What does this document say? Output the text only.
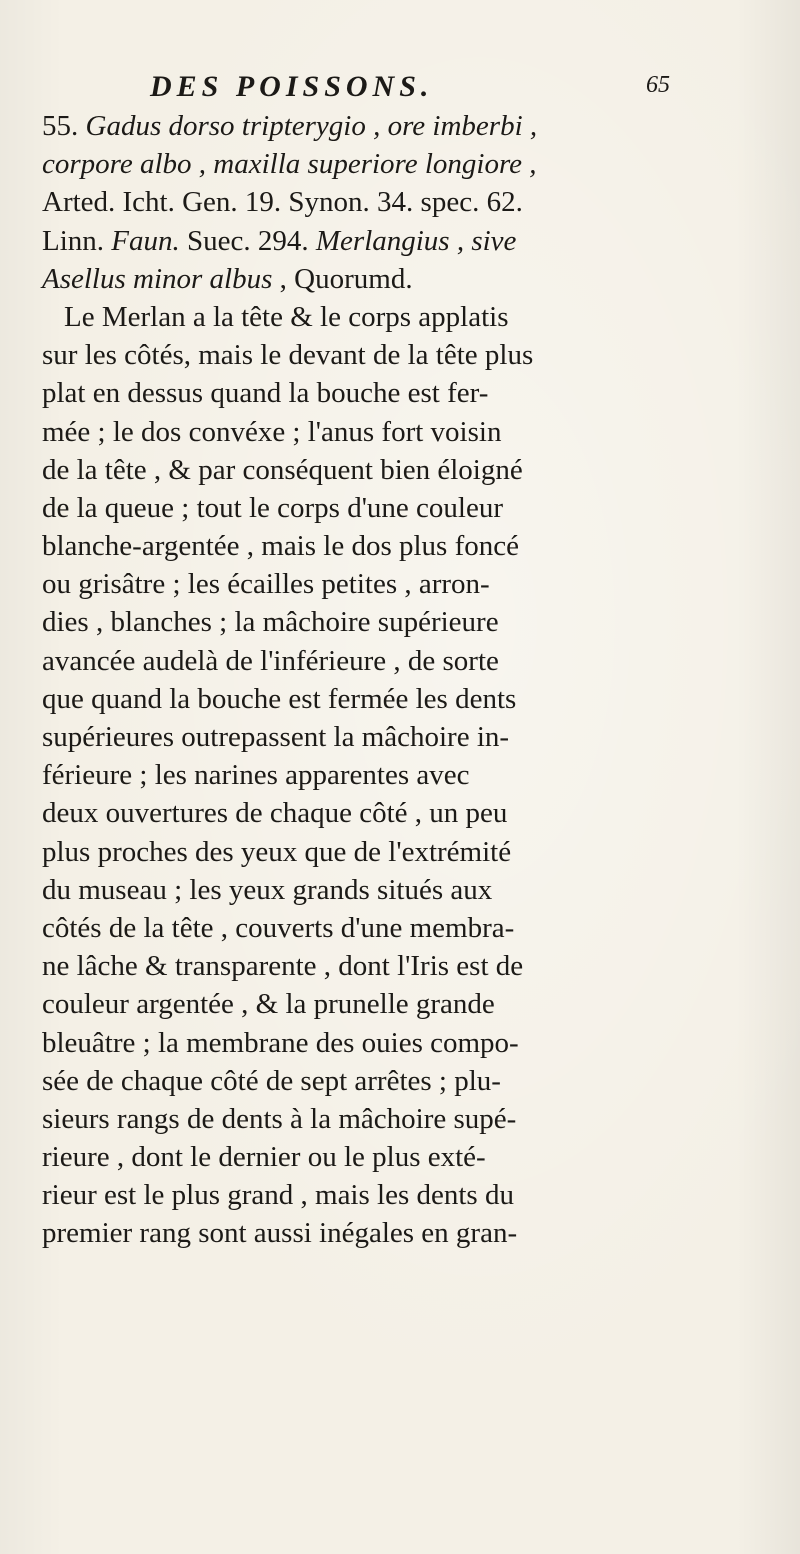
DES POISSONS.	65
55. Gadus dorso tripterygio , ore imberbi ,
corpore albo , maxilla superiore longiore ,
Arted. Icht. Gen. 19. Synon. 34. spec. 62.
Linn. Faun. Suec. 294. Merlangius , sive
Asellus minor albus , Quorumd.
Le Merlan a la tête & le corps applatis
sur les côtés, mais le devant de la tête plus
plat en dessus quand la bouche est fer-
mée ; le dos convéxe ; l'anus fort voisin
de la tête , & par conséquent bien éloigné
de la queue ; tout le corps d'une couleur
blanche-argentée , mais le dos plus foncé
ou grisâtre ; les écailles petites , arron-
dies , blanches ; la mâchoire supérieure
avancée audelà de l'inférieure , de sorte
que quand la bouche est fermée les dents
supérieures outrepassent la mâchoire in-
férieure ; les narines apparentes avec
deux ouvertures de chaque côté , un peu
plus proches des yeux que de l'extrémité
du museau ; les yeux grands situés aux
côtés de la tête , couverts d'une membra-
ne lâche & transparente , dont l'Iris est de
couleur argentée , & la prunelle grande
bleuâtre ; la membrane des ouies compo-
sée de chaque côté de sept arrêtes ; plu-
sieurs rangs de dents à la mâchoire supé-
rieure , dont le dernier ou le plus exté-
rieur est le plus grand , mais les dents du
premier rang sont aussi inégales en gran-
